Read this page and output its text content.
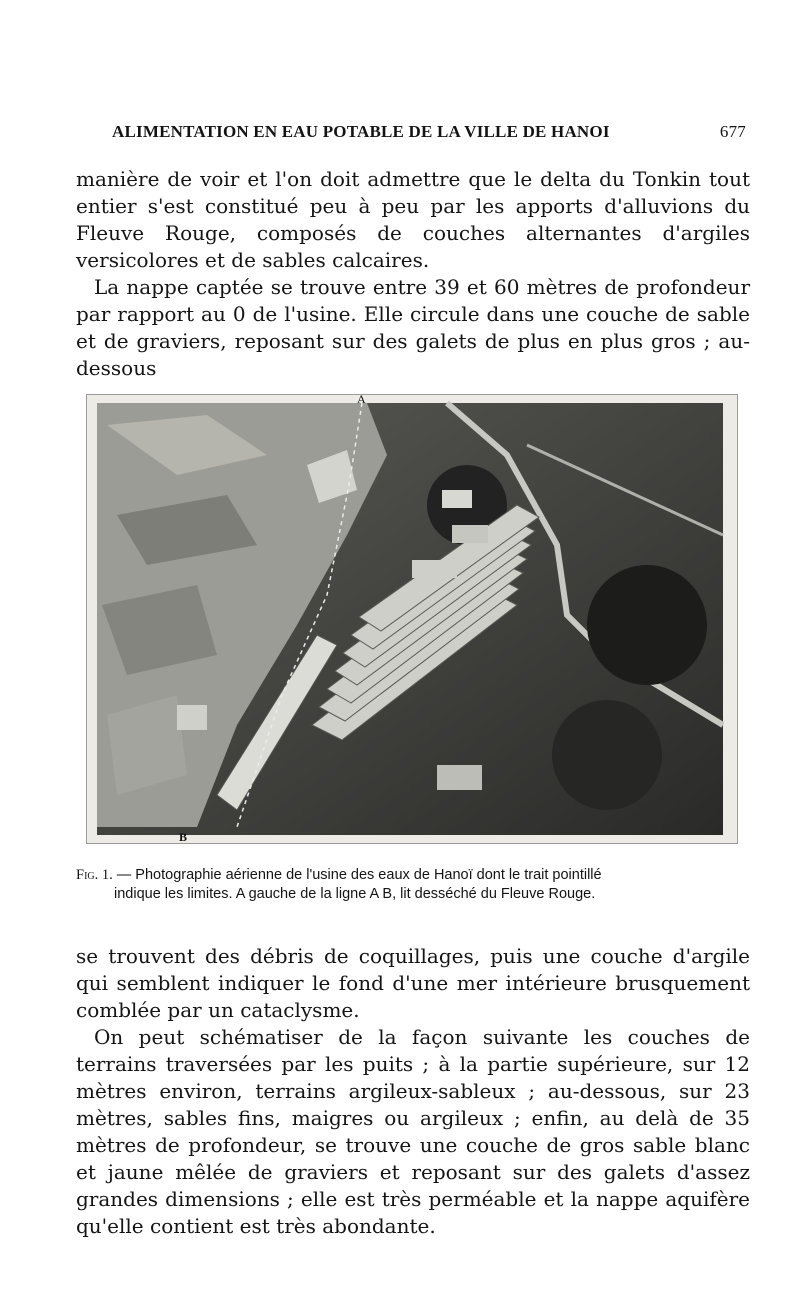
ALIMENTATION EN EAU POTABLE DE LA VILLE DE HANOI	677

manière de voir et l'on doit admettre que le delta du Tonkin tout entier s'est constitué peu à peu par les apports d'alluvions du Fleuve Rouge, composés de couches alternantes d'argiles versicolores et de sables calcaires.

La nappe captée se trouve entre 39 et 60 mètres de profondeur par rapport au 0 de l'usine. Elle circule dans une couche de sable et de graviers, reposant sur des galets de plus en plus gros ; au-dessous

A
B
Fig. 1. — Photographie aérienne de l'usine des eaux de Hanoï dont le trait pointillé
indique les limites. A gauche de la ligne A B, lit desséché du Fleuve Rouge.

se trouvent des débris de coquillages, puis une couche d'argile qui semblent indiquer le fond d'une mer intérieure brusquement comblée par un cataclysme.

On peut schématiser de la façon suivante les couches de terrains traversées par les puits ; à la partie supérieure, sur 12 mètres environ, terrains argileux-sableux ; au-dessous, sur 23 mètres, sables fins, maigres ou argileux ; enfin, au delà de 35 mètres de profondeur, se trouve une couche de gros sable blanc et jaune mêlée de graviers et reposant sur des galets d'assez grandes dimensions ; elle est très perméable et la nappe aquifère qu'elle contient est très abondante.
